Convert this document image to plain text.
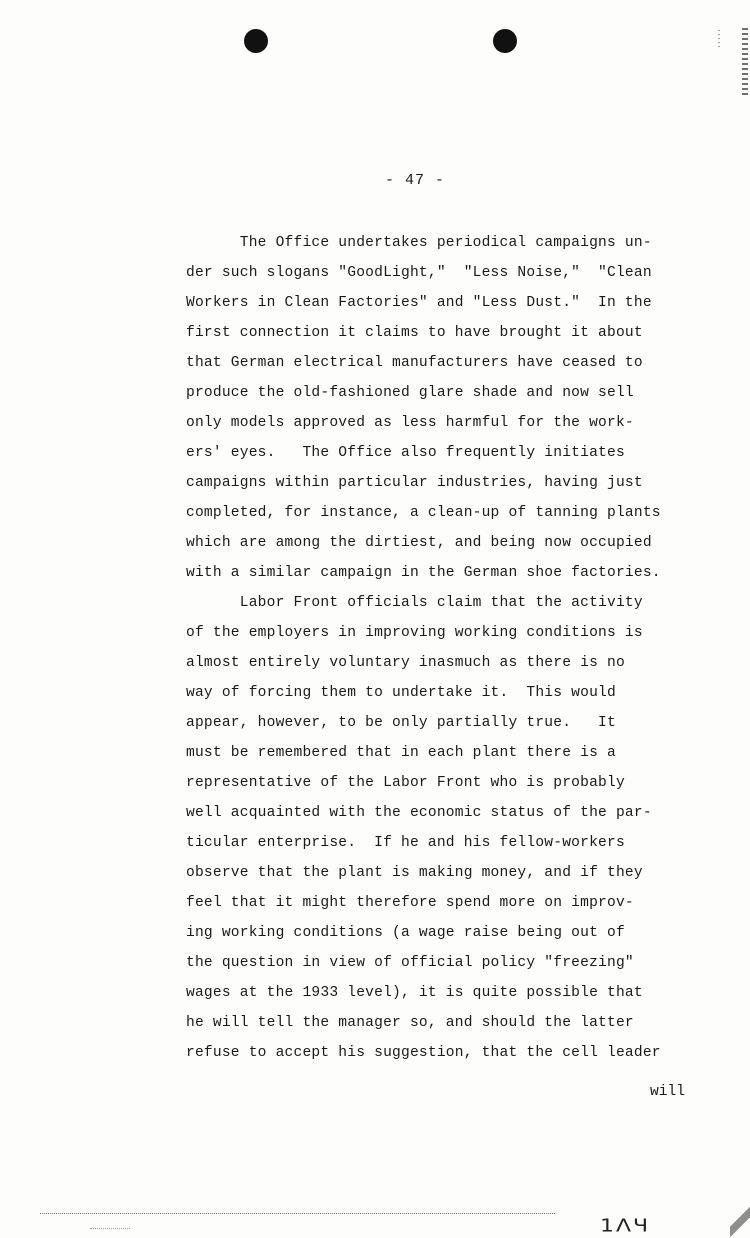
- 47 -
The Office undertakes periodical campaigns un-
der such slogans "GoodLight,"  "Less Noise,"  "Clean
Workers in Clean Factories" and "Less Dust."  In the
first connection it claims to have brought it about
that German electrical manufacturers have ceased to
produce the old-fashioned glare shade and now sell
only models approved as less harmful for the work-
ers' eyes.   The Office also frequently initiates
campaigns within particular industries, having just
completed, for instance, a clean-up of tanning plants
which are among the dirtiest, and being now occupied
with a similar campaign in the German shoe factories.
Labor Front officials claim that the activity
of the employers in improving working conditions is
almost entirely voluntary inasmuch as there is no
way of forcing them to undertake it.  This would
appear, however, to be only partially true.   It
must be remembered that in each plant there is a
representative of the Labor Front who is probably
well acquainted with the economic status of the par-
ticular enterprise.  If he and his fellow-workers
observe that the plant is making money, and if they
feel that it might therefore spend more on improv-
ing working conditions (a wage raise being out of
the question in view of official policy "freezing"
wages at the 1933 level), it is quite possible that
he will tell the manager so, and should the latter
refuse to accept his suggestion, that the cell leader
will
1ΛЧ
